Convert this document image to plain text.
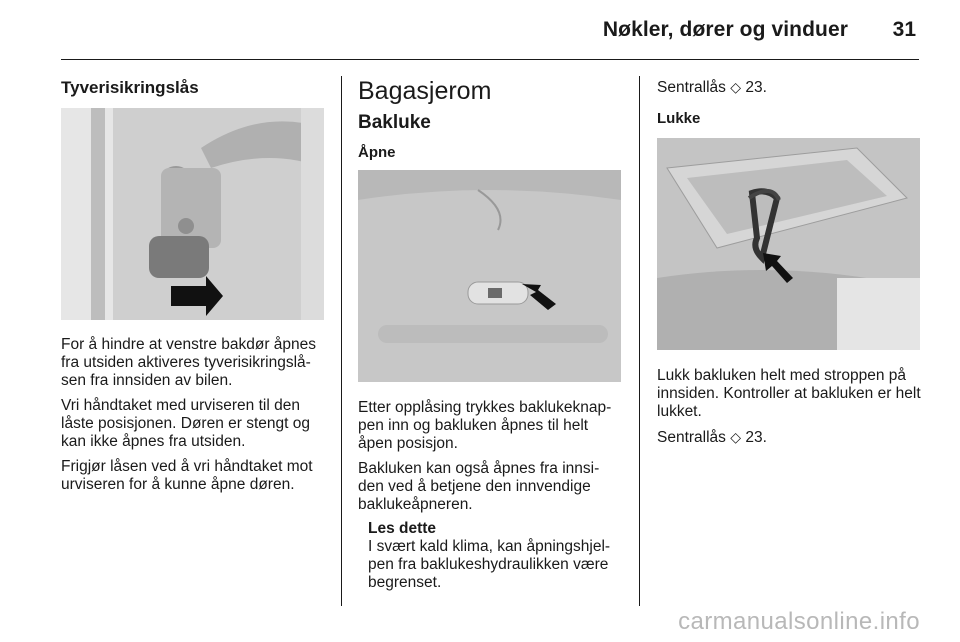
Nøkler, dører og vinduer 31
Tyverisikringslås

For å hindre at venstre bakdør åpnes fra utsiden aktiveres tyverisikringslå-sen fra innsiden av bilen.

Vri håndtaket med urviseren til den låste posisjonen. Døren er stengt og kan ikke åpnes fra utsiden.

Frigjør låsen ved å vri håndtaket mot urviseren for å kunne åpne døren.

Bagasjerom
Bakluke
Åpne

Etter opplåsing trykkes baklukeknap-pen inn og bakluken åpnes til helt åpen posisjon.

Bakluken kan også åpnes fra innsi-den ved å betjene den innvendige baklukeåpneren.

Les dette

I svært kald klima, kan åpningshjel-pen fra baklukeshydraulikken være begrenset.

Sentrallås ◇ 23.

Lukke

Lukk bakluken helt med stroppen på innsiden. Kontroller at bakluken er helt lukket.

Sentrallås ◇ 23.

carmanualsonline.info
